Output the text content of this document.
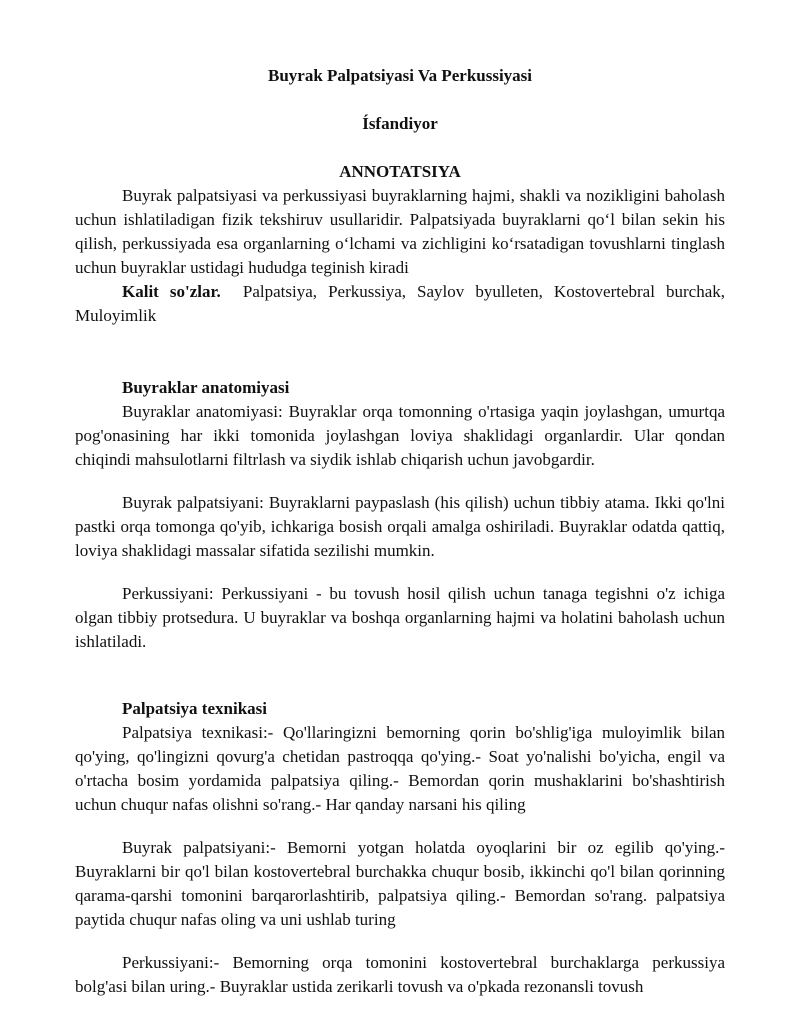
Buyrak Palpatsiyasi Va Perkussiyasi
Ísfandiyor
ANNOTATSIYA

Buyrak palpatsiyasi va perkussiyasi buyraklarning hajmi, shakli va nozikligini baholash uchun ishlatiladigan fizik tekshiruv usullaridir. Palpatsiyada buyraklarni qo‘l bilan sekin his qilish, perkussiyada esa organlarning o‘lchami va zichligini ko‘rsatadigan tovushlarni tinglash uchun buyraklar ustidagi hududga teginish kiradi

Kalit so'zlar. Palpatsiya, Perkussiya, Saylov byulleten, Kostovertebral burchak, Muloyimlik

Buyraklar anatomiyasi

Buyraklar anatomiyasi: Buyraklar orqa tomonning o'rtasiga yaqin joylashgan, umurtqa pog'onasining har ikki tomonida joylashgan loviya shaklidagi organlardir. Ular qondan chiqindi mahsulotlarni filtrlash va siydik ishlab chiqarish uchun javobgardir.

Buyrak palpatsiyani: Buyraklarni paypaslash (his qilish) uchun tibbiy atama. Ikki qo'lni pastki orqa tomonga qo'yib, ichkariga bosish orqali amalga oshiriladi. Buyraklar odatda qattiq, loviya shaklidagi massalar sifatida sezilishi mumkin.

Perkussiyani: Perkussiyani - bu tovush hosil qilish uchun tanaga tegishni o'z ichiga olgan tibbiy protsedura. U buyraklar va boshqa organlarning hajmi va holatini baholash uchun ishlatiladi.

Palpatsiya texnikasi

Palpatsiya texnikasi:- Qo'llaringizni bemorning qorin bo'shlig'iga muloyimlik bilan qo'ying, qo'lingizni qovurg'a chetidan pastroqqa qo'ying.- Soat yo'nalishi bo'yicha, engil va o'rtacha bosim yordamida palpatsiya qiling.- Bemordan qorin mushaklarini bo'shashtirish uchun chuqur nafas olishni so'rang.- Har qanday narsani his qiling

Buyrak palpatsiyani:- Bemorni yotgan holatda oyoqlarini bir oz egilib qo'ying.- Buyraklarni bir qo'l bilan kostovertebral burchakka chuqur bosib, ikkinchi qo'l bilan qorinning qarama-qarshi tomonini barqarorlashtirib, palpatsiya qiling.- Bemordan so'rang. palpatsiya paytida chuqur nafas oling va uni ushlab turing

Perkussiyani:- Bemorning orqa tomonini kostovertebral burchaklarga perkussiya bolg'asi bilan uring.- Buyraklar ustida zerikarli tovush va o'pkada rezonansli tovush
